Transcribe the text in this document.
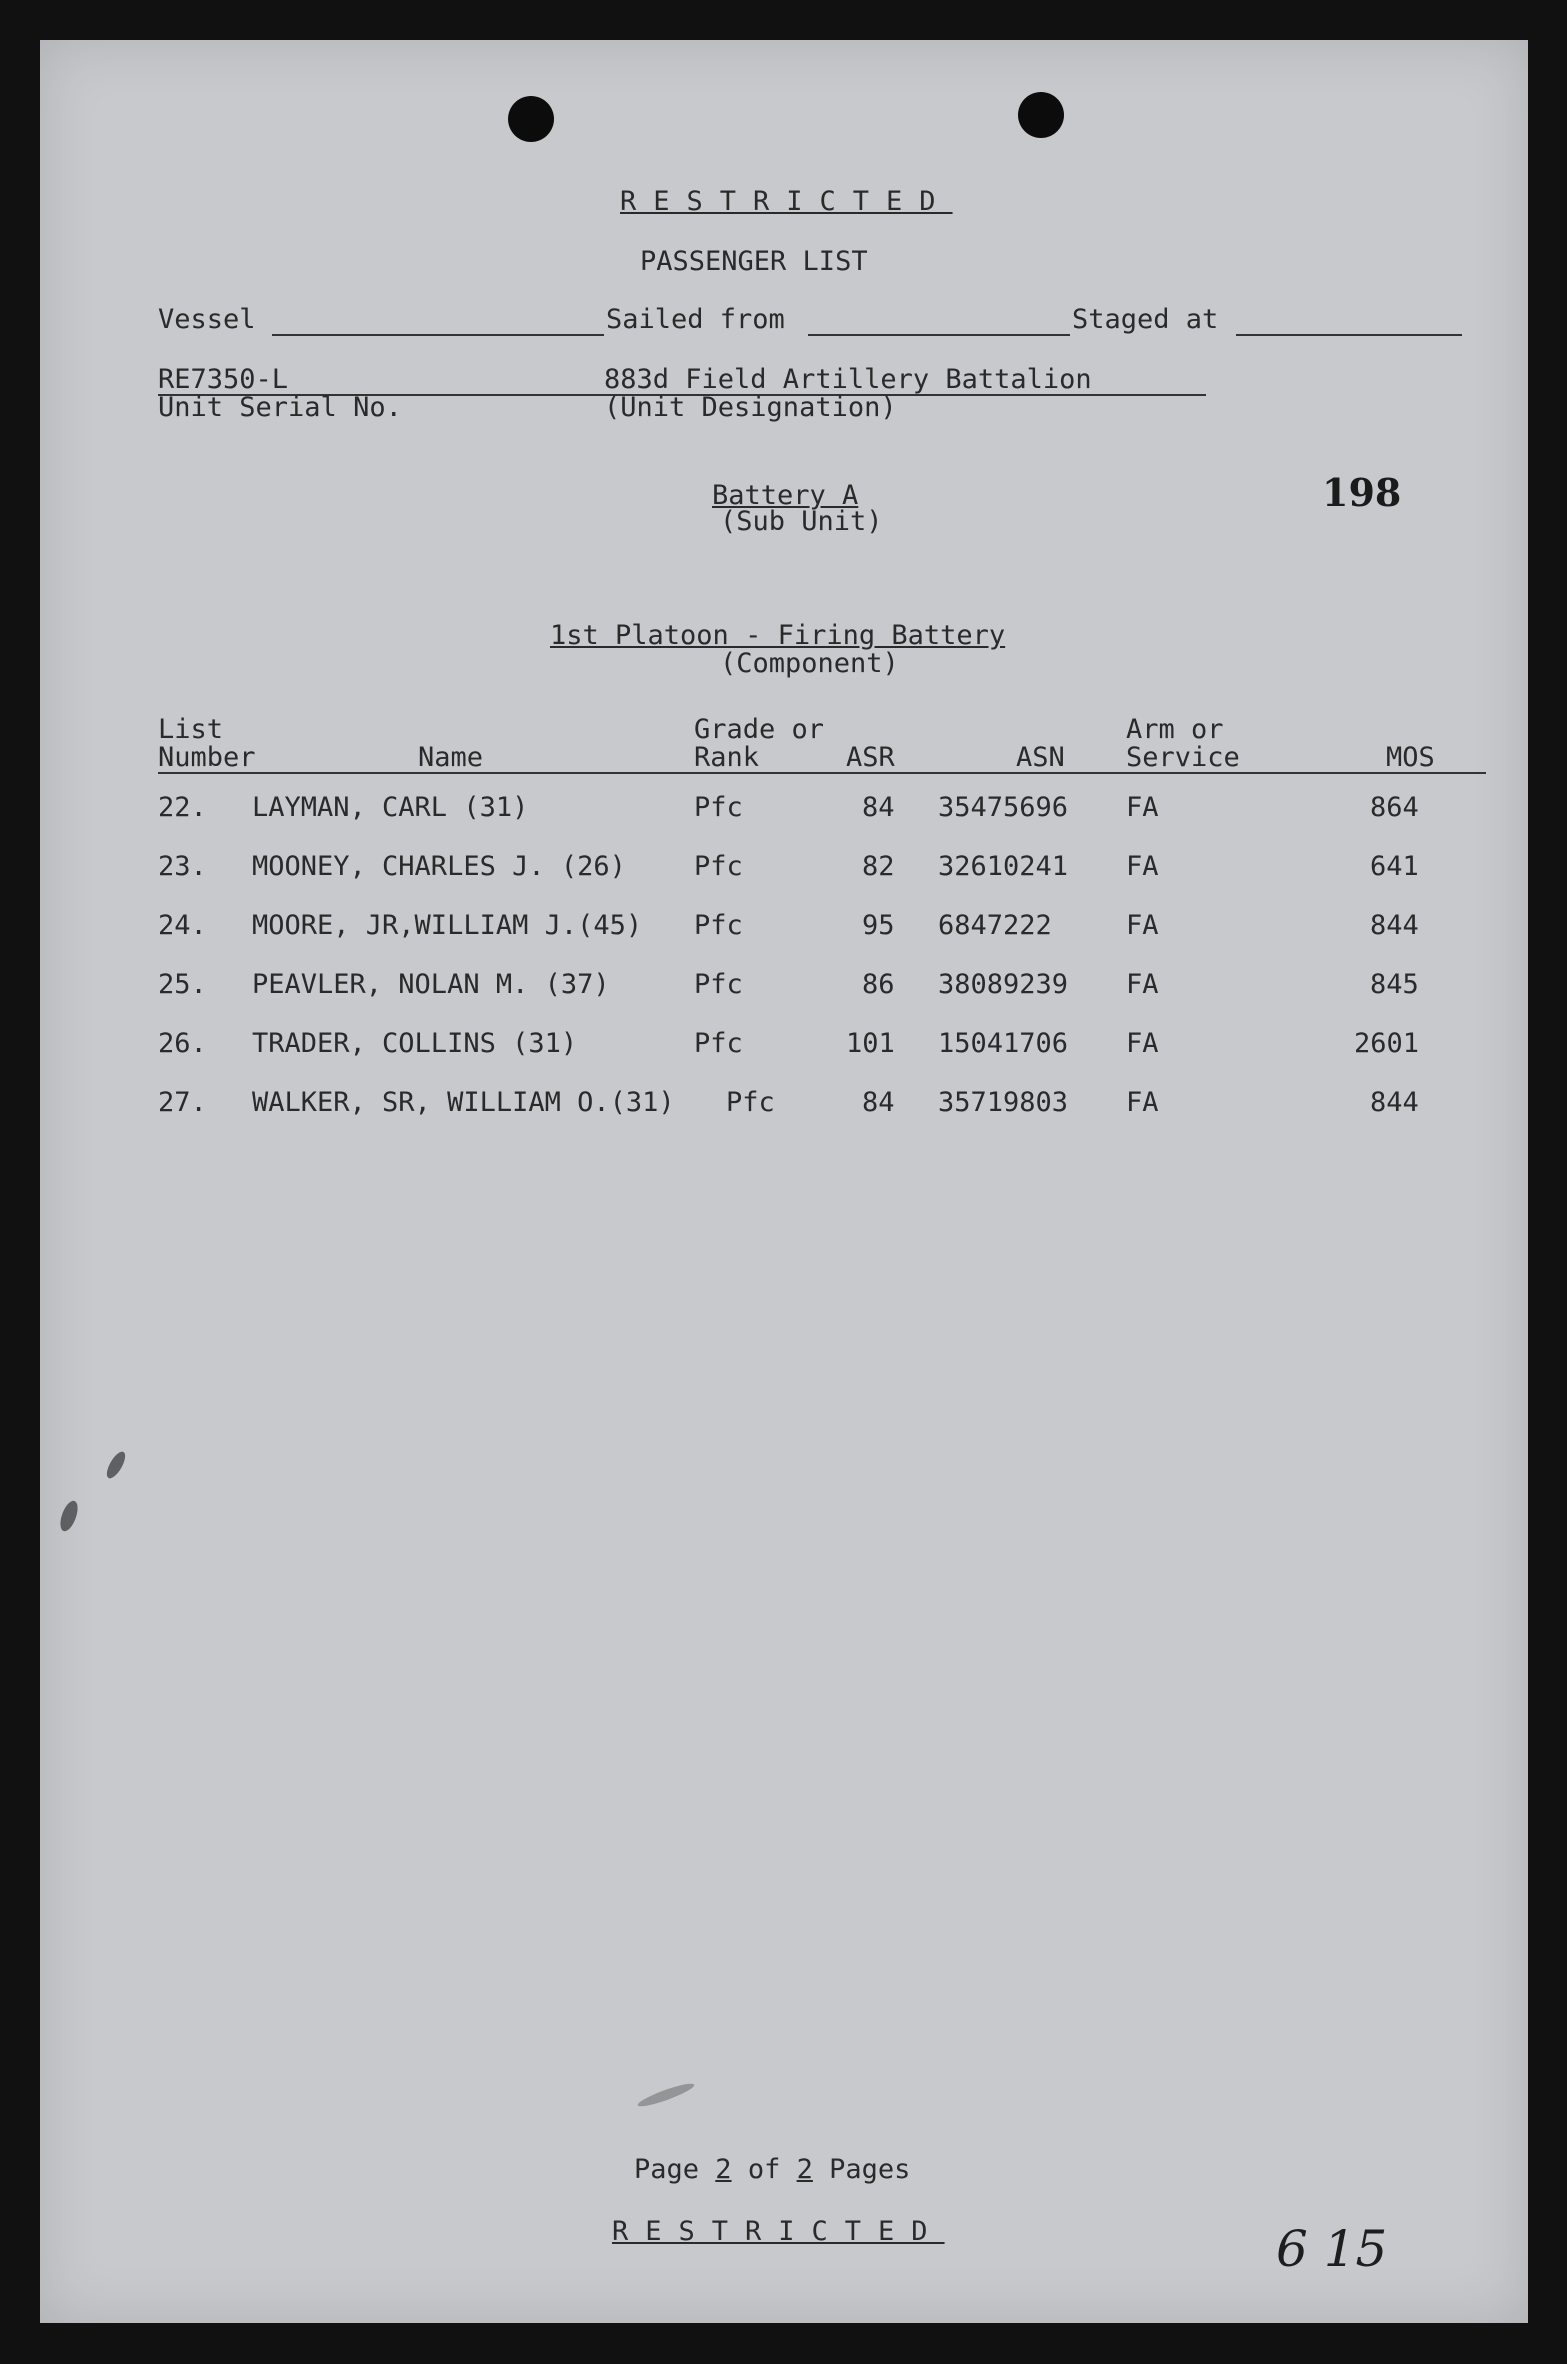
RESTRICTED
PASSENGER LIST
Vessel	Sailed from	Staged at
RE7350-L
Unit Serial No.
883d Field Artillery Battalion
(Unit Designation)
Battery A
(Sub Unit)
198
1st Platoon - Firing Battery
(Component)
List
Number	Name
Grade or
Rank	ASR	ASN
Arm or
Service	MOS
22. LAYMAN, CARL (31)	Pfc	84 35475696 FA	864
23. MOONEY, CHARLES J. (26)	Pfc	82 32610241 FA	641
24. MOORE, JR,WILLIAM J.(45) Pfc	95 6847222	FA	844
25. PEAVLER, NOLAN M. (37)	Pfc	86 38089239 FA	845
26. TRADER, COLLINS (31)	Pfc	101 15041706 FA	2601
27. WALKER, SR, WILLIAM O.(31) Pfc	84 35719803 FA	844
Page 2 of 2 Pages
RESTRICTED	6 15
